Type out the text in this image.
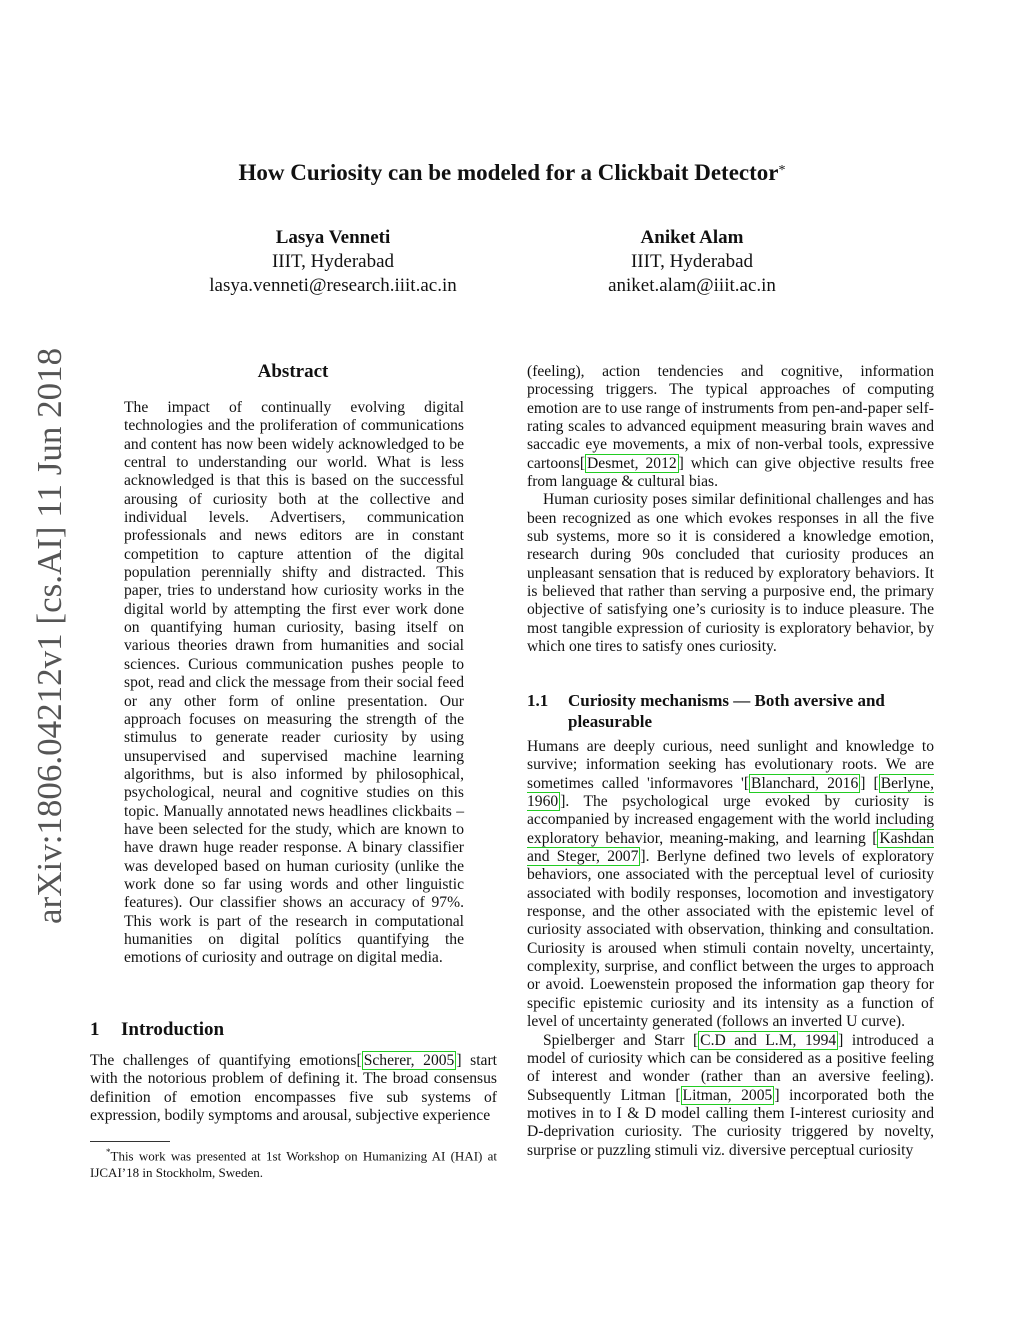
arXiv:1806.04212v1 [cs.AI] 11 Jun 2018
How Curiosity can be modeled for a Clickbait Detector*
Lasya Venneti
IIIT, Hyderabad
lasya.venneti@research.iiit.ac.in
Aniket Alam
IIIT, Hyderabad
aniket.alam@iiit.ac.in
Abstract

The impact of continually evolving digital technologies and the proliferation of communications and content has now been widely acknowledged to be central to understanding our world. What is less acknowledged is that this is based on the successful arousing of curiosity both at the collective and individual levels. Advertisers, communication professionals and news editors are in constant competition to capture attention of the digital population perennially shifty and distracted. This paper, tries to understand how curiosity works in the digital world by attempting the first ever work done on quantifying human curiosity, basing itself on various theories drawn from humanities and social sciences. Curious communication pushes people to spot, read and click the message from their social feed or any other form of online presentation. Our approach focuses on measuring the strength of the stimulus to generate reader curiosity by using unsupervised and supervised machine learning algorithms, but is also informed by philosophical, psychological, neural and cognitive studies on this topic. Manually annotated news headlines clickbaits – have been selected for the study, which are known to have drawn huge reader response. A binary classifier was developed based on human curiosity (unlike the work done so far using words and other linguistic features). Our classifier shows an accuracy of 97%. This work is part of the research in computational humanities on digital polítics quantifying the emotions of curiosity and outrage on digital media.

1 Introduction

The challenges of quantifying emotions[ Scherer, 2005 ] start with the notorious problem of defining it. The broad consensus definition of emotion encompasses five sub systems of expression, bodily symptoms and arousal, subjective experience

(feeling), action tendencies and cognitive, information processing triggers. The typical approaches of computing emotion are to use range of instruments from pen-and-paper self-rating scales to advanced equipment measuring brain waves and saccadic eye movements, a mix of non-verbal tools, expressive cartoons[ Desmet, 2012 ] which can give objective results free from language & cultural bias.

Human curiosity poses similar definitional challenges and has been recognized as one which evokes responses in all the five sub systems, more so it is considered a knowledge emotion, research during 90s concluded that curiosity produces an unpleasant sensation that is reduced by exploratory behaviors. It is believed that rather than serving a purposive end, the primary objective of satisfying one’s curiosity is to induce pleasure. The most tangible expression of curiosity is exploratory behavior, by which one tires to satisfy ones curiosity.

1.1	Curiosity mechanisms — Both aversive and pleasurable

Humans are deeply curious, need sunlight and knowledge to survive; information seeking has evolutionary roots. We are sometimes called 'informavores '[ Blanchard, 2016 ] [ Berlyne, 1960 ]. The psychological urge evoked by curiosity is accompanied by increased engagement with the world including exploratory behavior, meaning-making, and learning [ Kashdan and Steger, 2007 ]. Berlyne defined two levels of exploratory behaviors, one associated with the perceptual level of curiosity associated with bodily responses, locomotion and investigatory response, and the other associated with the epistemic level of curiosity associated with observation, thinking and consultation. Curiosity is aroused when stimuli contain novelty, uncertainty, complexity, surprise, and conflict between the urges to approach or avoid. Loewenstein proposed the information gap theory for specific epistemic curiosity and its intensity as a function of level of uncertainty generated (follows an inverted U curve).

Spielberger and Starr [ C.D and L.M, 1994 ] introduced a model of curiosity which can be considered as a positive feeling of interest and wonder (rather than an aversive feeling). Subsequently Litman [ Litman, 2005 ] incorporated both the motives in to I & D model calling them I-interest curiosity and D-deprivation curiosity. The curiosity triggered by novelty, surprise or puzzling stimuli viz. diversive perceptual curiosity

*This work was presented at 1st Workshop on Humanizing AI (HAI) at IJCAI’18 in Stockholm, Sweden.
